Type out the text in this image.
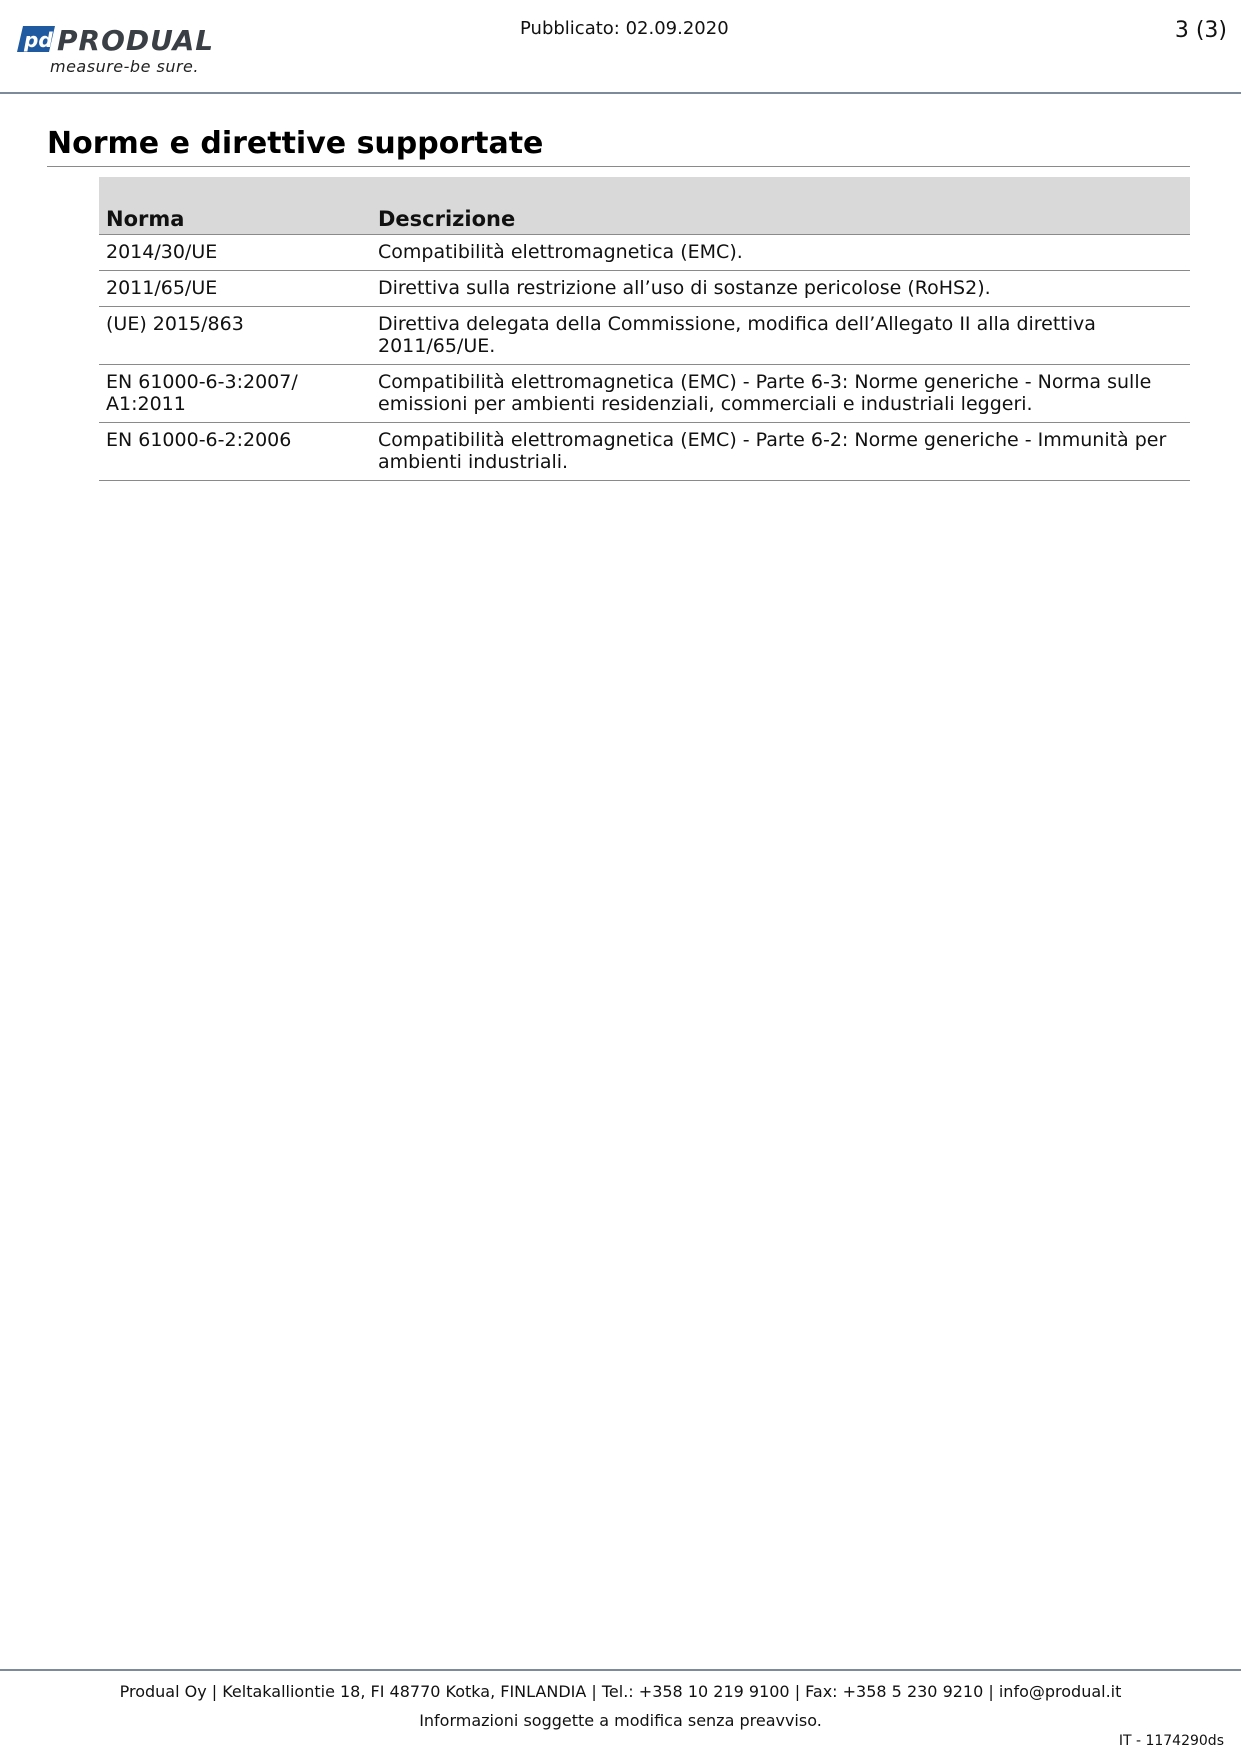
pd PRODUAL
measure-be sure.
Pubblicato: 02.09.2020	3 (3)
Norme e direttive supportate
Norma	Descrizione
2014/30/UE	Compatibilità elettromagnetica (EMC).
2011/65/UE	Direttiva sulla restrizione all’uso di sostanze pericolose (RoHS2).
(UE) 2015/863	Direttiva delegata della Commissione, modifica dell’Allegato II alla direttiva 2011/65/UE.
EN 61000-6-3:2007/ A1:2011	Compatibilità elettromagnetica (EMC) - Parte 6-3: Norme generiche - Norma sulle emissioni per ambienti residenziali, commerciali e industriali leggeri.
EN 61000-6-2:2006	Compatibilità elettromagnetica (EMC) - Parte 6-2: Norme generiche - Immunità per ambienti industriali.
Produal Oy | Keltakalliontie 18, FI 48770 Kotka, FINLANDIA | Tel.: +358 10 219 9100 | Fax: +358 5 230 9210 | info@produal.it
Informazioni soggette a modifica senza preavviso.
IT - 1174290ds
